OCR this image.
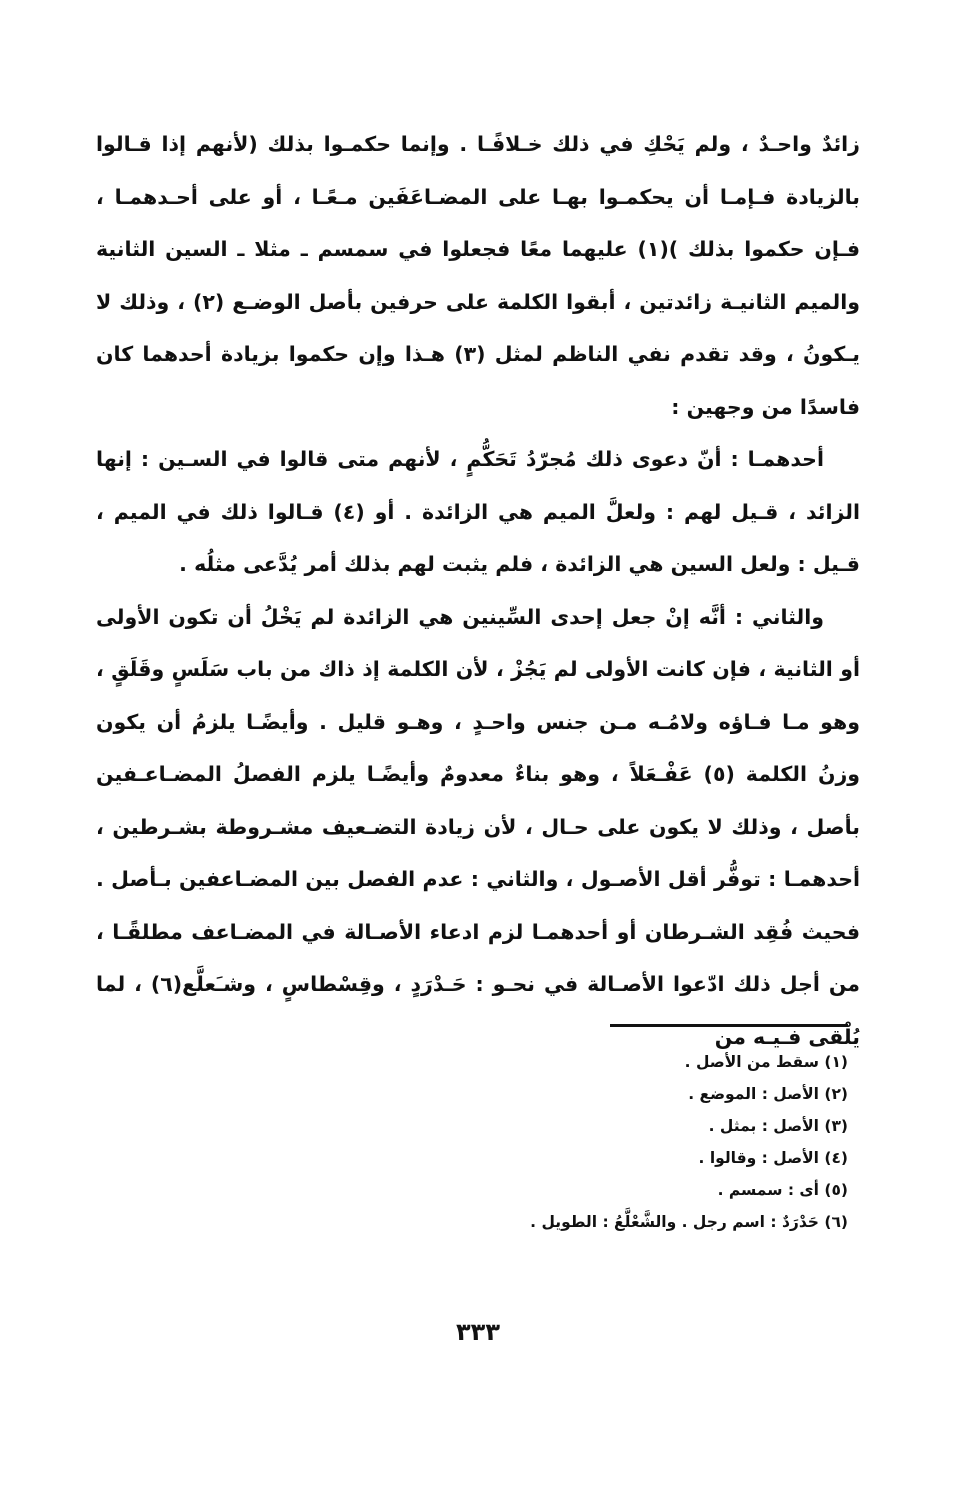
زائدٌ واحـدٌ ، ولم يَحْكِ في ذلك خـلافًـا . وإنما حكمـوا بذلك (لأنهم إذا قـالوا بالزيادة فـإمـا أن يحكمـوا بهـا على المضـاعَفَين مـعًـا ، أو على أحـدهمـا ، فـإن حكموا بذلك )(١) عليهما معًا فجعلوا في سمسم ـ مثلا ـ السين الثانية والميم الثانيـة زائدتين ، أبقوا الكلمة على حرفين بأصل الوضـع (٢) ، وذلك لا يـكونُ ، وقد تقدم نفي الناظم لمثل (٣) هـذا وإن حكموا بزيادة أحدهما كان فاسدًا من وجهين :

أحدهمـا : أنّ دعوى ذلك مُجرّدُ تَحَكُّمٍ ، لأنهم متى قالوا في السـين : إنها الزائد ، قـيل لهم : ولعلَّ الميم هي الزائدة . أو (٤) قـالوا ذلك في الميم ، قـيل : ولعل السين هي الزائدة ، فلم يثبت لهم بذلك أمر يُدَّعى مثلُه .

والثاني : أنَّه إنْ جعل إحدى السِّينين هي الزائدة لم يَخْلُ أن تكون الأولى أو الثانية ، فإن كانت الأولى لم يَجُزْ ، لأن الكلمة إذ ذاك من باب سَلَسٍ وقَلَقٍ ، وهو مـا فـاؤه ولامُـه مـن جنس واحـدٍ ، وهـو قليل . وأيضًـا يلزمُ أن يكون وزنُ الكلمة (٥) عَفْـعَلاً ، وهو بناءٌ معدومٌ وأيضًـا يلزم الفصلُ المضـاعـفين بأصل ، وذلك لا يكون على حـال ، لأن زيادة التضـعيف مشـروطة بشـرطين ، أحدهمـا : توفُّر أقل الأصـول ، والثاني : عدم الفصل بين المضـاعفين بـأصل . فحيث فُقِد الشـرطان أو أحدهمـا لزم ادعاء الأصـالة في المضـاعف مطلقًـا ، من أجل ذلك ادّعوا الأصـالة في نحـو : حَـدْرَدٍ ، وقِسْطاسٍ ، وشـَعلَّع(٦) ، لما يُلْقى فـيـه من

(١) سقط من الأصل .
(٢) الأصل : الموضع .
(٣) الأصل : بمثل .
(٤) الأصل : وقالوا .
(٥) أى : سمسم .
(٦) حَدْرَدٌ : اسم رجل . والشَّعْلَّعُ : الطويل .
٣٣٣
